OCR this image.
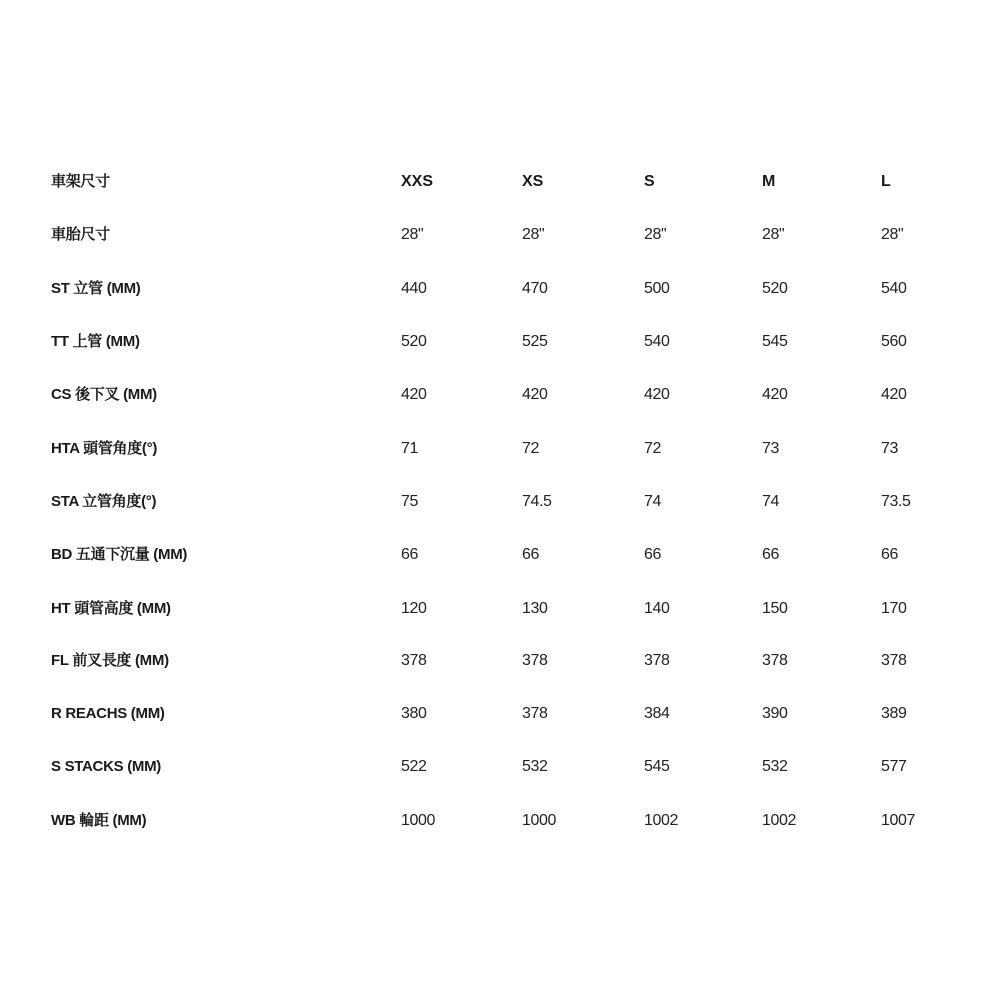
車架尺寸	XXS	XS	S	M	L
車胎尺寸	28"	28"	28"	28"	28"
ST 立管 (MM)	440	470	500	520	540
TT 上管 (MM)	520	525	540	545	560
CS 後下叉 (MM)	420	420	420	420	420
HTA 頭管角度(°)	71	72	72	73	73
STA 立管角度(°)	75	74.5	74	74	73.5
BD 五通下沉量 (MM)	66	66	66	66	66
HT 頭管高度 (MM)	120	130	140	150	170
FL 前叉長度 (MM)	378	378	378	378	378
R REACHS (MM)	380	378	384	390	389
S STACKS (MM)	522	532	545	532	577
WB 輪距 (MM)	1000	1000	1002	1002	1007
